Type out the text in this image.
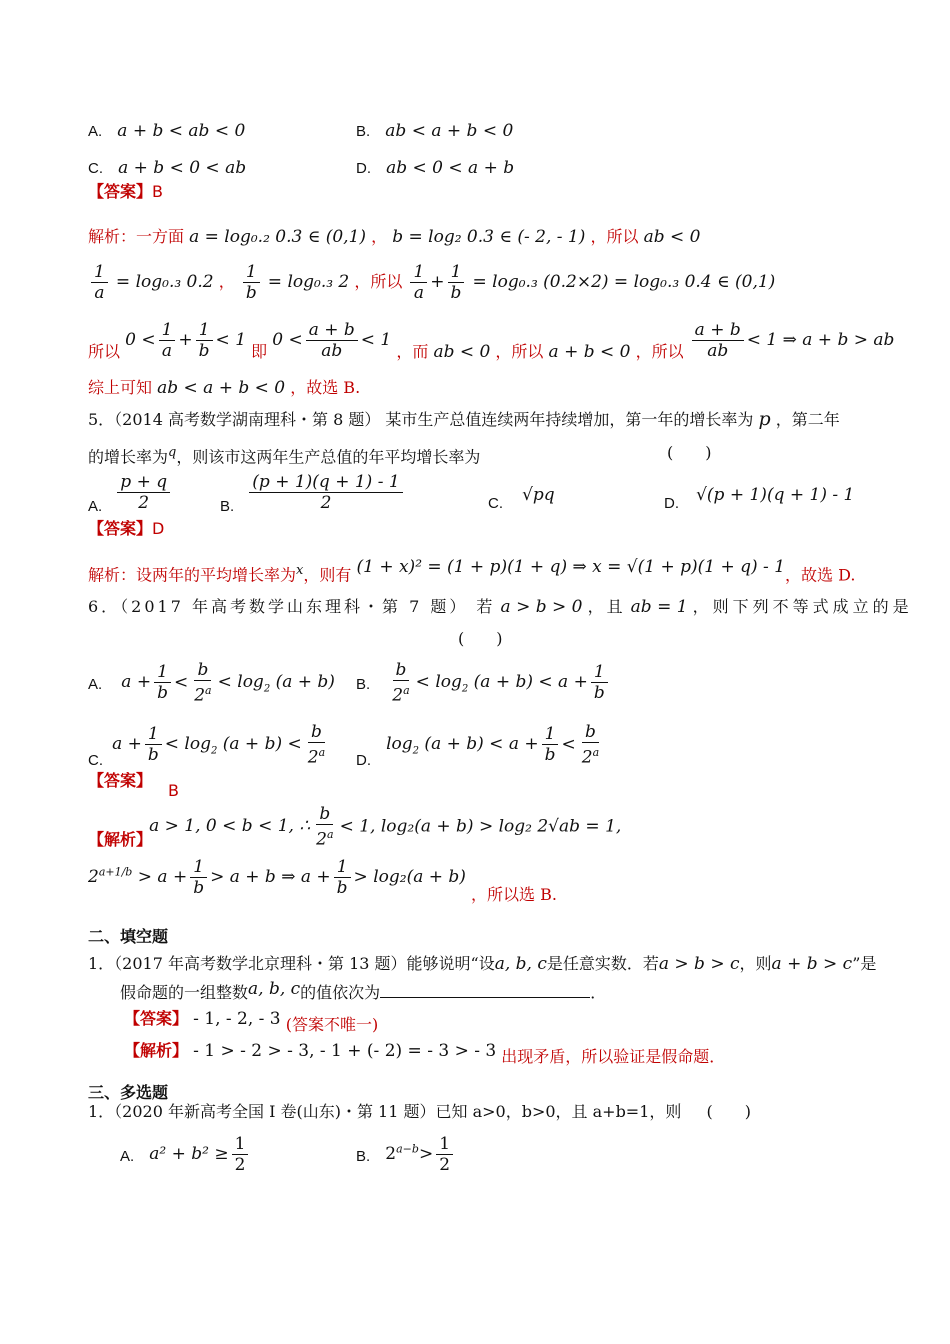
A. a + b < ab < 0	B. ab < a + b < 0
C. a + b < 0 < ab	D. ab < 0 < a + b
【答案】B
解析：一方面 a = log₀.₂ 0.3 ∈ (0,1) ， b = log₂ 0.3 ∈ (- 2, - 1) ，所以 ab < 0
$\frac{1}{a} = \log_0._3$ 0.2 ， $\frac{1}{b} = \log_0._3$ 2 ，所以 $\frac{1}{a} + \frac{1}{b} = \log_0._3$ (0.2×2) = log₀.₃ 0.4 ∈ (0,1)
所以 $0 < \frac{1}{a} + \frac{1}{b} < 1$ 即 $0 < \frac{a + b}{ab} < 1$ ，而 ab < 0 ，所以 a + b < 0 ，所以 $\frac{a + b}{ab} < 1$ ⇒ a + b > ab
综上可知 ab < a + b < 0 ，故选 B.
5．（2014 高考数学湖南理科・第 8 题） 某市生产总值连续两年持续增加，第一年的增长率为 p ，第二年
的增长率为$^q$，则该市这两年生产总值的年平均增长率为	(　　)
A. $\frac{p + q}{2}$	B. $\frac{(p + 1)(q + 1) - 1}{2}$	C. √pq	D. √(p + 1)(q + 1) - 1
【答案】D
解析：设两年的平均增长率为$^x$，则有 (1 + x)² = (1 + p)(1 + q) ⇒ x = √(1 + p)(1 + q) - 1，故选 D.
6．（2017 年高考数学山东理科・第 7 题） 若 a > b > 0 ，且 ab = 1 ，则下列不等式成立的是
(　　)
A. $a + \frac{1}{b} < \frac{b}{2^a} < \log_2 (a + b)$ B. $\frac{b}{2^a} < \log_2 (a + b) < a + \frac{1}{b}$
C. $a + \frac{1}{b} < \log_2 (a + b) < \frac{b}{2^a} D$. $\log_2 (a + b) < a + \frac{1}{b} < \frac{b}{2^a}$
【答案】
B
【解析】 a > 1, 0 < b < 1, ∴ $\frac{b}{2^a} < 1$, log₂(a + b) > log₂ 2√ab = 1,
$2^{a+1/b} > a + \frac{1}{b} > a + b$ ⇒ $a + \frac{1}{b} > \log_2(a + b)$ ，所以选 B.
二、填空题
1．（2017 年高考数学北京理科・第 13 题）能够说明“设a, b, c是任意实数．若a > b > c，则a + b > c”是
假命题的一组整数a, b, c的值依次为	．
【答案】 - 1, - 2, - 3 (答案不唯一)
【解析】 - 1 > - 2 > - 3, - 1 + (- 2) = - 3 > - 3 出现矛盾，所以验证是假命题．
三、多选题
1．（2020 年新高考全国 I 卷(山东)・第 11 题）已知 a>0，b>0，且 a+b=1，则 (　　)
A. $a^2 + b^2 \ge \frac{1}{2}$	B. $2^{a-b}> \frac{1}{2}$
